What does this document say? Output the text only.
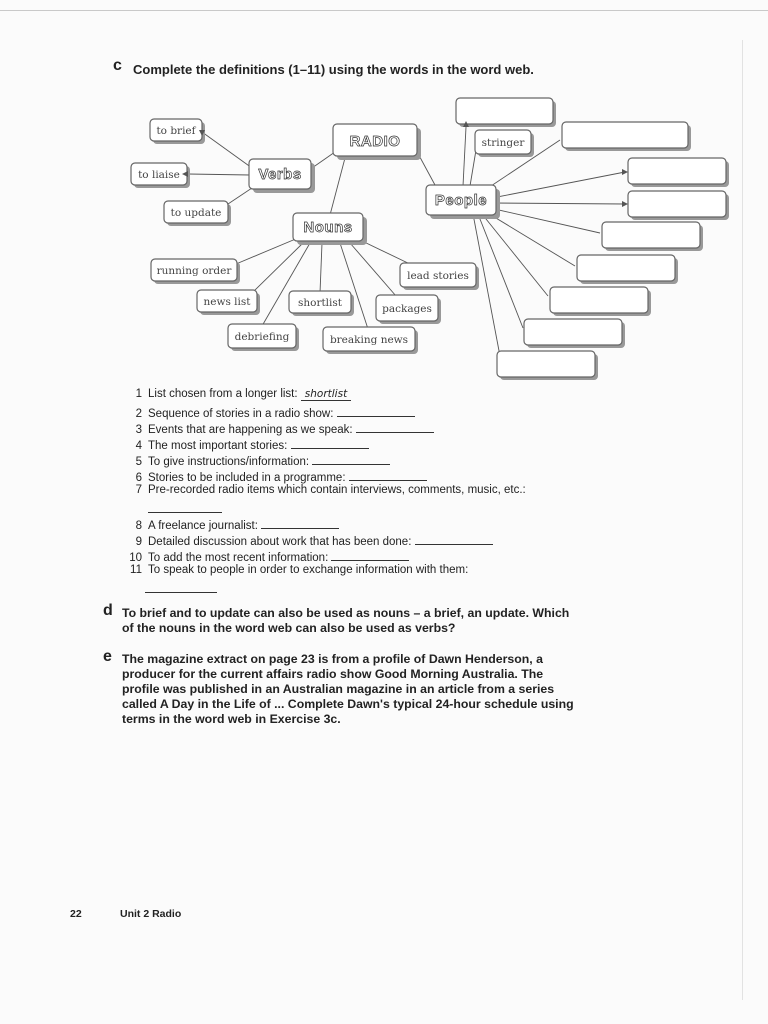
c Complete the definitions (1–11) using the words in the word web.
RADIO
Verbs
Nouns
People
to brief
to liaise
to update
running order
news list
debriefing
shortlist
breaking news
packages
lead stories
stringer
1 List chosen from a longer list: shortlist
2 Sequence of stories in a radio show:
3 Events that are happening as we speak:
4 The most important stories:
5 To give instructions/information:
6 Stories to be included in a programme:
7 Pre-recorded radio items which contain interviews, comments, music, etc.:
8 A freelance journalist:
9 Detailed discussion about work that has been done:
10 To add the most recent information:
11 To speak to people in order to exchange information with them:
d To brief and to update can also be used as nouns – a brief, an update. Which of the nouns in the word web can also be used as verbs?
e The magazine extract on page 23 is from a profile of Dawn Henderson, a producer for the current affairs radio show Good Morning Australia. The profile was published in an Australian magazine in an article from a series called A Day in the Life of ... Complete Dawn's typical 24-hour schedule using terms in the word web in Exercise 3c.
22	Unit 2 Radio
